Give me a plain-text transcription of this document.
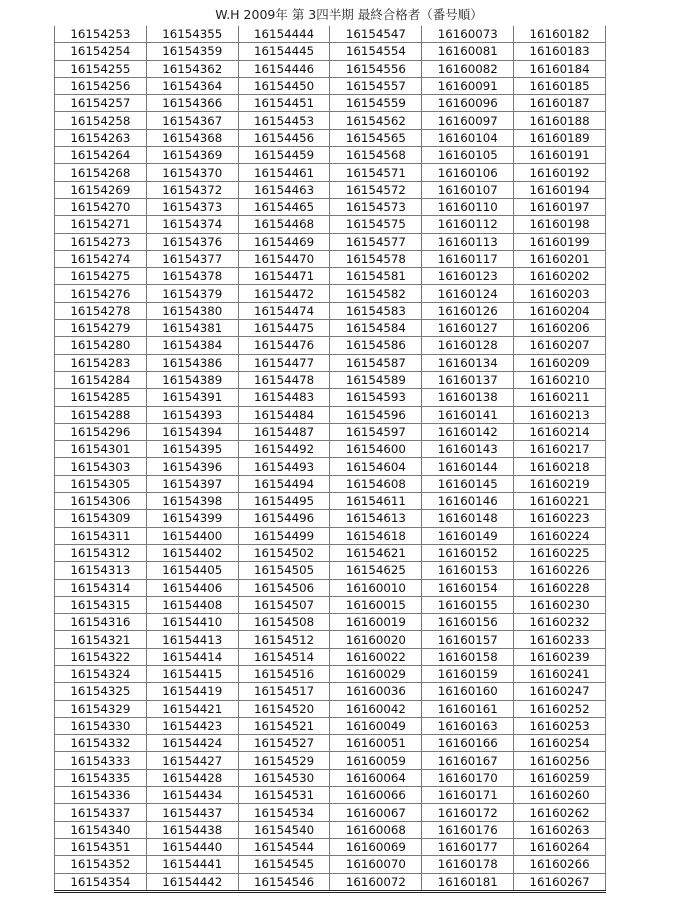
W.H 2009年 第 3四半期 最終合格者（番号順）
16154253	16154355	16154444	16154547	16160073	16160182
16154254	16154359	16154445	16154554	16160081	16160183
16154255	16154362	16154446	16154556	16160082	16160184
16154256	16154364	16154450	16154557	16160091	16160185
16154257	16154366	16154451	16154559	16160096	16160187
16154258	16154367	16154453	16154562	16160097	16160188
16154263	16154368	16154456	16154565	16160104	16160189
16154264	16154369	16154459	16154568	16160105	16160191
16154268	16154370	16154461	16154571	16160106	16160192
16154269	16154372	16154463	16154572	16160107	16160194
16154270	16154373	16154465	16154573	16160110	16160197
16154271	16154374	16154468	16154575	16160112	16160198
16154273	16154376	16154469	16154577	16160113	16160199
16154274	16154377	16154470	16154578	16160117	16160201
16154275	16154378	16154471	16154581	16160123	16160202
16154276	16154379	16154472	16154582	16160124	16160203
16154278	16154380	16154474	16154583	16160126	16160204
16154279	16154381	16154475	16154584	16160127	16160206
16154280	16154384	16154476	16154586	16160128	16160207
16154283	16154386	16154477	16154587	16160134	16160209
16154284	16154389	16154478	16154589	16160137	16160210
16154285	16154391	16154483	16154593	16160138	16160211
16154288	16154393	16154484	16154596	16160141	16160213
16154296	16154394	16154487	16154597	16160142	16160214
16154301	16154395	16154492	16154600	16160143	16160217
16154303	16154396	16154493	16154604	16160144	16160218
16154305	16154397	16154494	16154608	16160145	16160219
16154306	16154398	16154495	16154611	16160146	16160221
16154309	16154399	16154496	16154613	16160148	16160223
16154311	16154400	16154499	16154618	16160149	16160224
16154312	16154402	16154502	16154621	16160152	16160225
16154313	16154405	16154505	16154625	16160153	16160226
16154314	16154406	16154506	16160010	16160154	16160228
16154315	16154408	16154507	16160015	16160155	16160230
16154316	16154410	16154508	16160019	16160156	16160232
16154321	16154413	16154512	16160020	16160157	16160233
16154322	16154414	16154514	16160022	16160158	16160239
16154324	16154415	16154516	16160029	16160159	16160241
16154325	16154419	16154517	16160036	16160160	16160247
16154329	16154421	16154520	16160042	16160161	16160252
16154330	16154423	16154521	16160049	16160163	16160253
16154332	16154424	16154527	16160051	16160166	16160254
16154333	16154427	16154529	16160059	16160167	16160256
16154335	16154428	16154530	16160064	16160170	16160259
16154336	16154434	16154531	16160066	16160171	16160260
16154337	16154437	16154534	16160067	16160172	16160262
16154340	16154438	16154540	16160068	16160176	16160263
16154351	16154440	16154544	16160069	16160177	16160264
16154352	16154441	16154545	16160070	16160178	16160266
16154354	16154442	16154546	16160072	16160181	16160267
